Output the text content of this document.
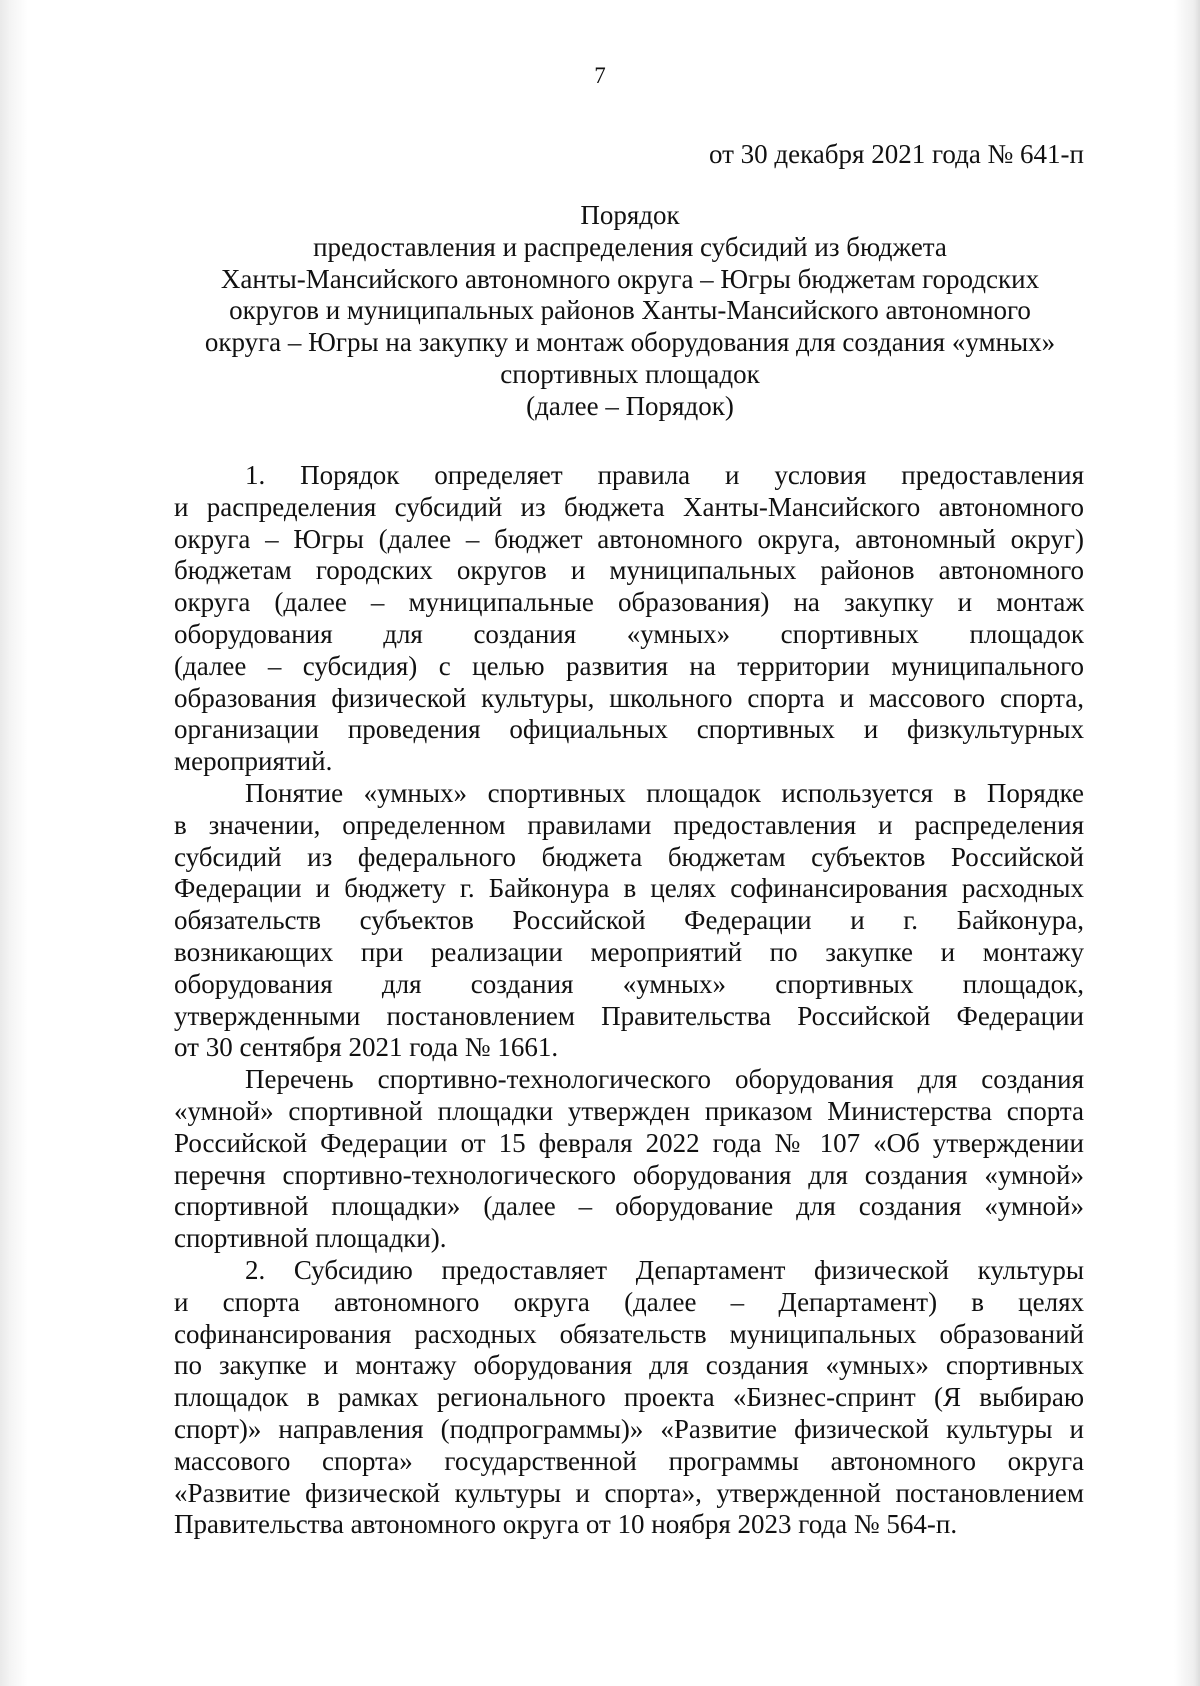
7
от 30 декабря 2021 года № 641-п
Порядок
предоставления и распределения субсидий из бюджета
Ханты-Мансийского автономного округа – Югры бюджетам городских
округов и муниципальных районов Ханты-Мансийского автономного
округа – Югры на закупку и монтаж оборудования для создания «умных»
спортивных площадок
(далее – Порядок)
1. Порядок определяет правила и условия предоставления
и распределения субсидий из бюджета Ханты-Мансийского автономного
округа – Югры (далее – бюджет автономного округа, автономный округ)
бюджетам городских округов и муниципальных районов автономного
округа (далее – муниципальные образования) на закупку и монтаж
оборудования для создания «умных» спортивных площадок
(далее – субсидия) с целью развития на территории муниципального
образования физической культуры, школьного спорта и массового спорта,
организации проведения официальных спортивных и физкультурных
мероприятий.
Понятие «умных» спортивных площадок используется в Порядке
в значении, определенном правилами предоставления и распределения
субсидий из федерального бюджета бюджетам субъектов Российской
Федерации и бюджету г. Байконура в целях софинансирования расходных
обязательств субъектов Российской Федерации и г. Байконура,
возникающих при реализации мероприятий по закупке и монтажу
оборудования для создания «умных» спортивных площадок,
утвержденными постановлением Правительства Российской Федерации
от 30 сентября 2021 года № 1661.
Перечень спортивно-технологического оборудования для создания
«умной» спортивной площадки утвержден приказом Министерства спорта
Российской Федерации от 15 февраля 2022 года № 107 «Об утверждении
перечня спортивно-технологического оборудования для создания «умной»
спортивной площадки» (далее – оборудование для создания «умной»
спортивной площадки).
2. Субсидию предоставляет Департамент физической культуры
и спорта автономного округа (далее – Департамент) в целях
софинансирования расходных обязательств муниципальных образований
по закупке и монтажу оборудования для создания «умных» спортивных
площадок в рамках регионального проекта «Бизнес-спринт (Я выбираю
спорт)» направления (подпрограммы)» «Развитие физической культуры и
массового спорта» государственной программы автономного округа
«Развитие физической культуры и спорта», утвержденной постановлением
Правительства автономного округа от 10 ноября 2023 года № 564-п.
